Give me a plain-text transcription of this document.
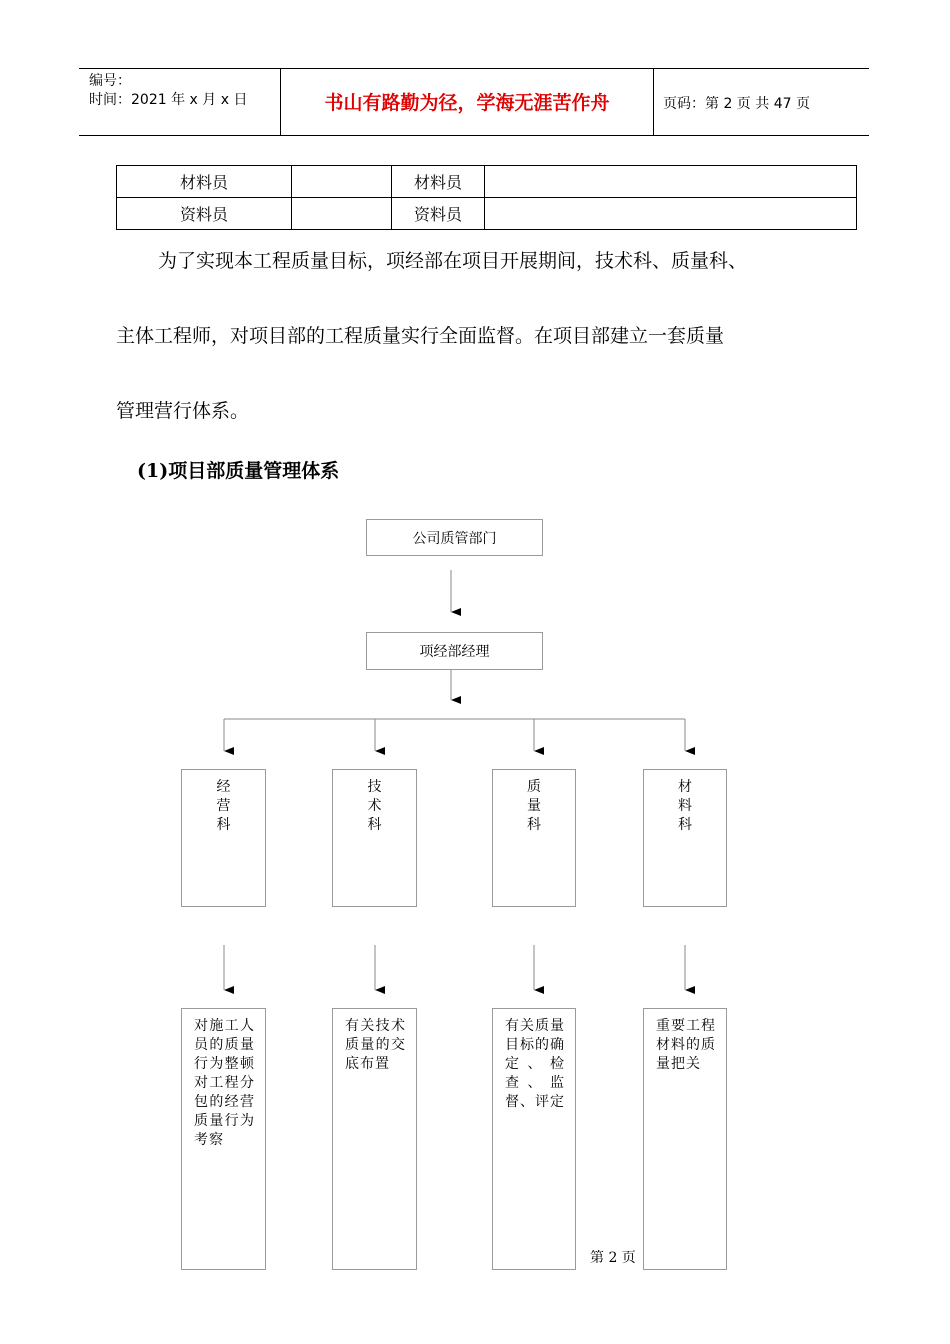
编号：
时间：2021 年 x 月 x 日	书山有路勤为径，学海无涯苦作舟	页码：第 2 页 共 47 页
材料员		材料员	
资料员		资料员	
为了实现本工程质量目标，项经部在项目开展期间，技术科、质量科、
主体工程师，对项目部的工程质量实行全面监督。在项目部建立一套质量
管理营行体系。
(1)项目部质量管理体系
公司质管部门
项经部经理
经
营
科
技
术
科
质
量
科
材
料
科
对施工人员的质量行为整顿对工程分包的经营质量行为考察
有关技术质量的交底布置
有关质量目标的确定、检查、监督、评定
重要工程材料的质量把关
第 2 页
